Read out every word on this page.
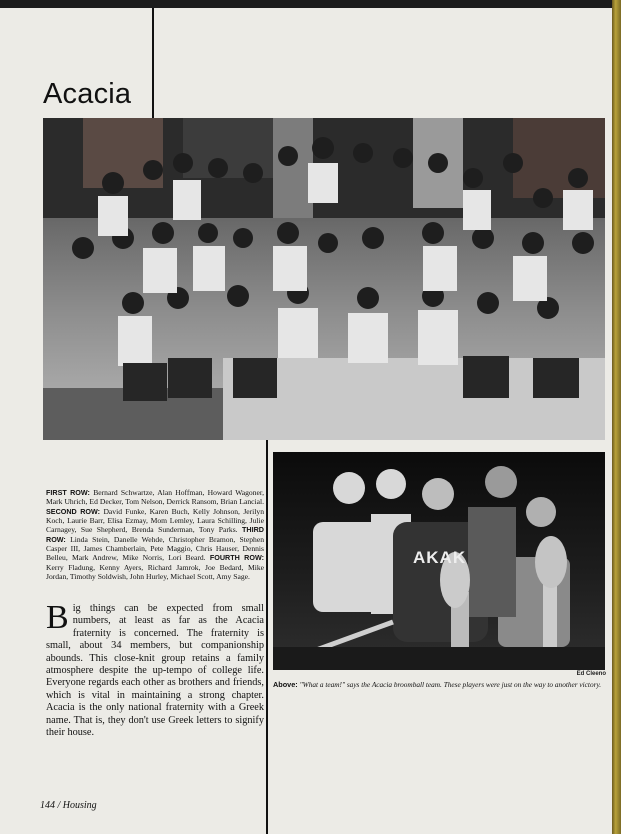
Acacia
FIRST ROW: Bernard Schwartze, Alan Hoffman, Howard Wagoner, Mark Uhrich, Ed Decker, Tom Nelson, Derrick Ransom, Brian Lancial. SECOND ROW: David Funke, Karen Buch, Kelly Johnson, Jerilyn Koch, Laurie Barr, Elisa Ezmay, Mom Lemley, Laura Schilling, Julie Carnagey, Sue Shepherd, Brenda Sunderman, Tony Parks. THIRD ROW: Linda Stein, Danelle Wehde, Christopher Bramon, Stephen Casper III, James Chamberlain, Pete Maggio, Chris Hauser, Dennis Belleu, Mark Andrew, Mike Norris, Lori Beard. FOURTH ROW: Kerry Fladung, Kenny Ayers, Richard Jamrok, Joe Bedard, Mike Jordan, Timothy Soldwish, John Hurley, Michael Scott, Amy Sage.
Big things can be expected from small numbers, at least as far as the Acacia fraternity is concerned. The fraternity is small, about 34 members, but companionship abounds. This close-knit group retains a family atmosphere despite the up-tempo of college life. Everyone regards each other as brothers and friends, which is vital in maintaining a strong chapter. Acacia is the only national fraternity with a Greek name. That is, they don't use Greek letters to signify their house.
AKAK
Ed Cleeno
Above: "What a team!" says the Acacia broomball team. These players were just on the way to another victory.
144 / Housing
